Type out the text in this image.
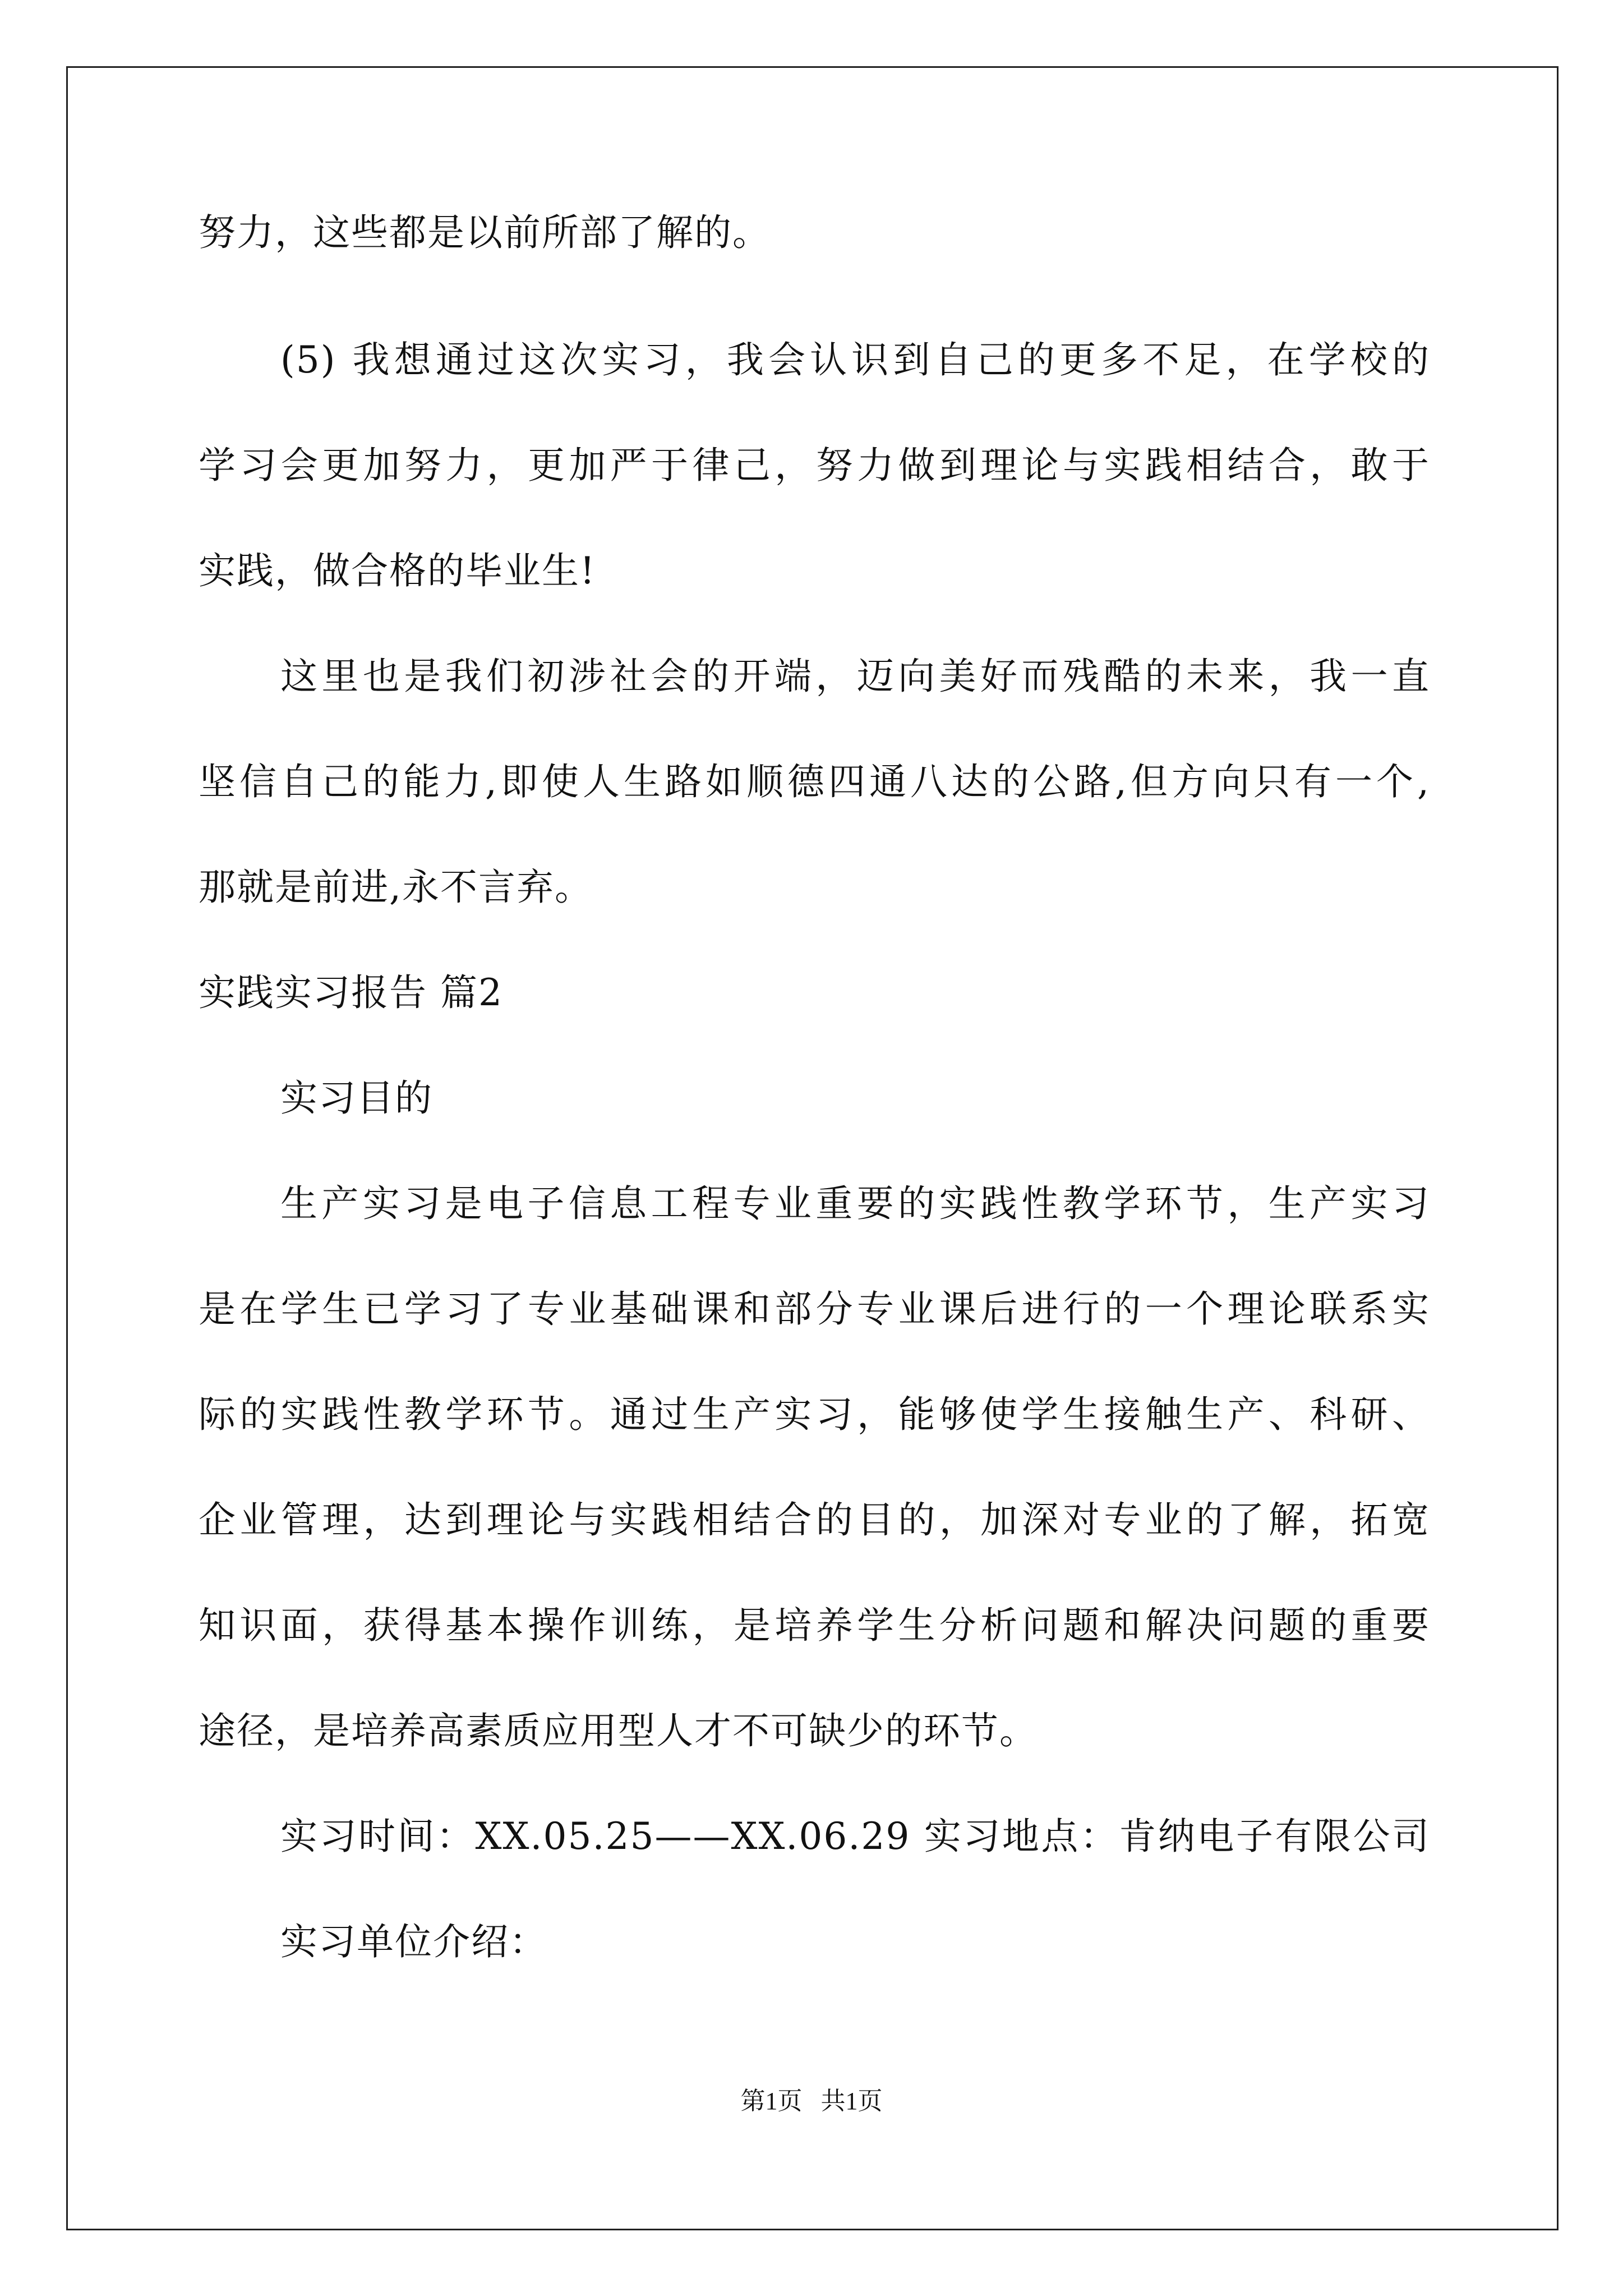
努力，这些都是以前所部了解的。
(5) 我想通过这次实习，我会认识到自己的更多不足，在学校的
学习会更加努力，更加严于律己，努力做到理论与实践相结合，敢于
实践，做合格的毕业生!
这里也是我们初涉社会的开端，迈向美好而残酷的未来，我一直
坚信自己的能力,即使人生路如顺德四通八达的公路,但方向只有一个,
那就是前进,永不言弃。
实践实习报告 篇2
实习目的
生产实习是电子信息工程专业重要的实践性教学环节，生产实习
是在学生已学习了专业基础课和部分专业课后进行的一个理论联系实
际的实践性教学环节。通过生产实习，能够使学生接触生产、科研、
企业管理，达到理论与实践相结合的目的，加深对专业的了解，拓宽
知识面，获得基本操作训练，是培养学生分析问题和解决问题的重要
途径，是培养高素质应用型人才不可缺少的环节。
实习时间：XX.05.25——XX.06.29 实习地点：肯纳电子有限公司
实习单位介绍：
第1页   共1页
